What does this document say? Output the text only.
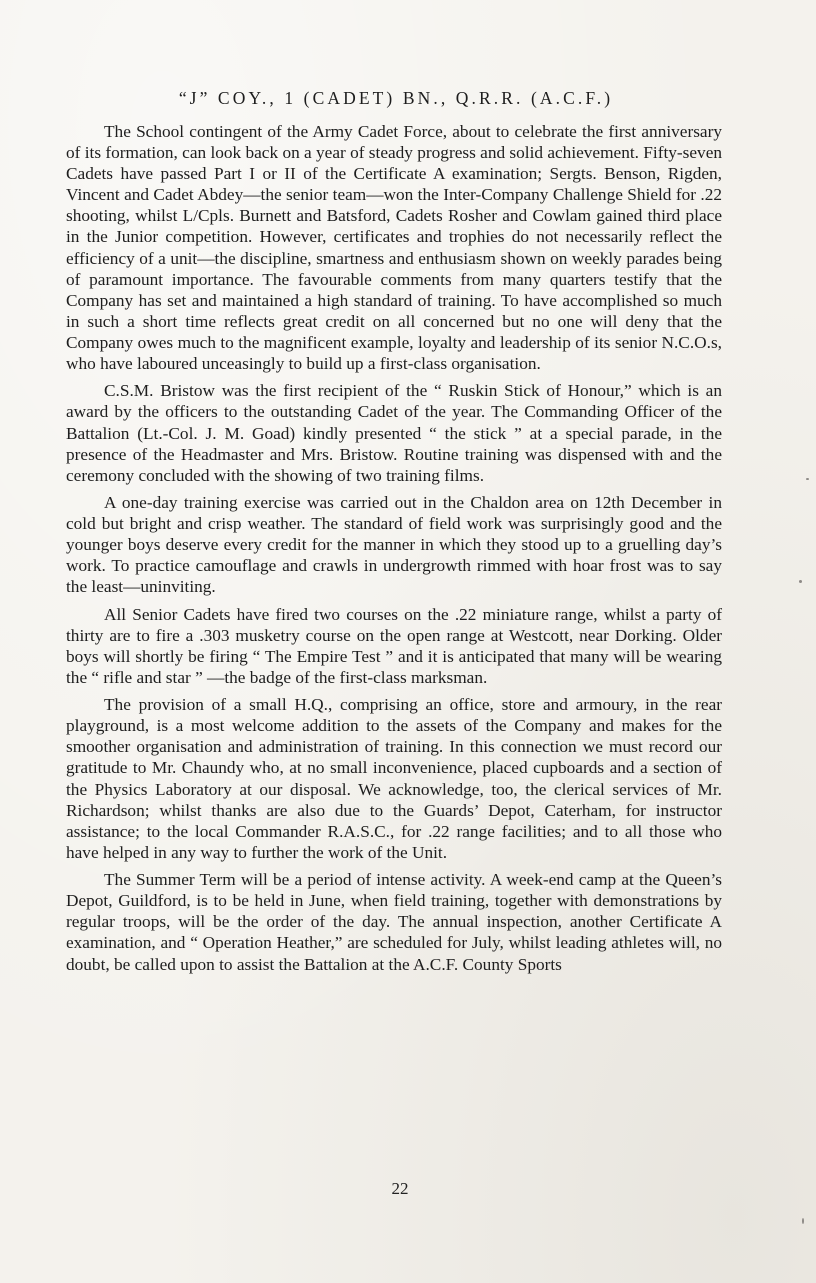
“J” COY., 1 (CADET) BN., Q.R.R. (A.C.F.)

The School contingent of the Army Cadet Force, about to celebrate the first anniversary of its formation, can look back on a year of steady progress and solid achievement. Fifty-seven Cadets have passed Part I or II of the Certificate A examination; Sergts. Benson, Rigden, Vincent and Cadet Abdey—the senior team—won the Inter-Company Challenge Shield for .22 shooting, whilst L/Cpls. Burnett and Batsford, Cadets Rosher and Cowlam gained third place in the Junior competition. However, certificates and trophies do not necessarily reflect the efficiency of a unit—the discipline, smartness and enthusiasm shown on weekly parades being of paramount importance. The favourable comments from many quarters testify that the Company has set and maintained a high standard of training. To have accomplished so much in such a short time reflects great credit on all concerned but no one will deny that the Company owes much to the magnificent example, loyalty and leadership of its senior N.C.O.s, who have laboured unceasingly to build up a first-class organisation.

C.S.M. Bristow was the first recipient of the “ Ruskin Stick of Honour,” which is an award by the officers to the outstanding Cadet of the year. The Commanding Officer of the Battalion (Lt.-Col. J. M. Goad) kindly presented “ the stick ” at a special parade, in the presence of the Headmaster and Mrs. Bristow. Routine training was dispensed with and the ceremony concluded with the showing of two training films.

A one-day training exercise was carried out in the Chaldon area on 12th December in cold but bright and crisp weather. The standard of field work was surprisingly good and the younger boys deserve every credit for the manner in which they stood up to a gruelling day’s work. To practice camouflage and crawls in undergrowth rimmed with hoar frost was to say the least—uninviting.

All Senior Cadets have fired two courses on the .22 miniature range, whilst a party of thirty are to fire a .303 musketry course on the open range at Westcott, near Dorking. Older boys will shortly be firing “ The Empire Test ” and it is anticipated that many will be wearing the “ rifle and star ” —the badge of the first-class marksman.

The provision of a small H.Q., comprising an office, store and armoury, in the rear playground, is a most welcome addition to the assets of the Company and makes for the smoother organisation and administration of training. In this connection we must record our gratitude to Mr. Chaundy who, at no small inconvenience, placed cupboards and a section of the Physics Laboratory at our disposal. We acknowledge, too, the clerical services of Mr. Richardson; whilst thanks are also due to the Guards’ Depot, Caterham, for instructor assistance; to the local Commander R.A.S.C., for .22 range facilities; and to all those who have helped in any way to further the work of the Unit.

The Summer Term will be a period of intense activity. A week-end camp at the Queen’s Depot, Guildford, is to be held in June, when field training, together with demonstrations by regular troops, will be the order of the day. The annual inspection, another Certificate A examination, and “ Operation Heather,” are scheduled for July, whilst leading athletes will, no doubt, be called upon to assist the Battalion at the A.C.F. County Sports

22
